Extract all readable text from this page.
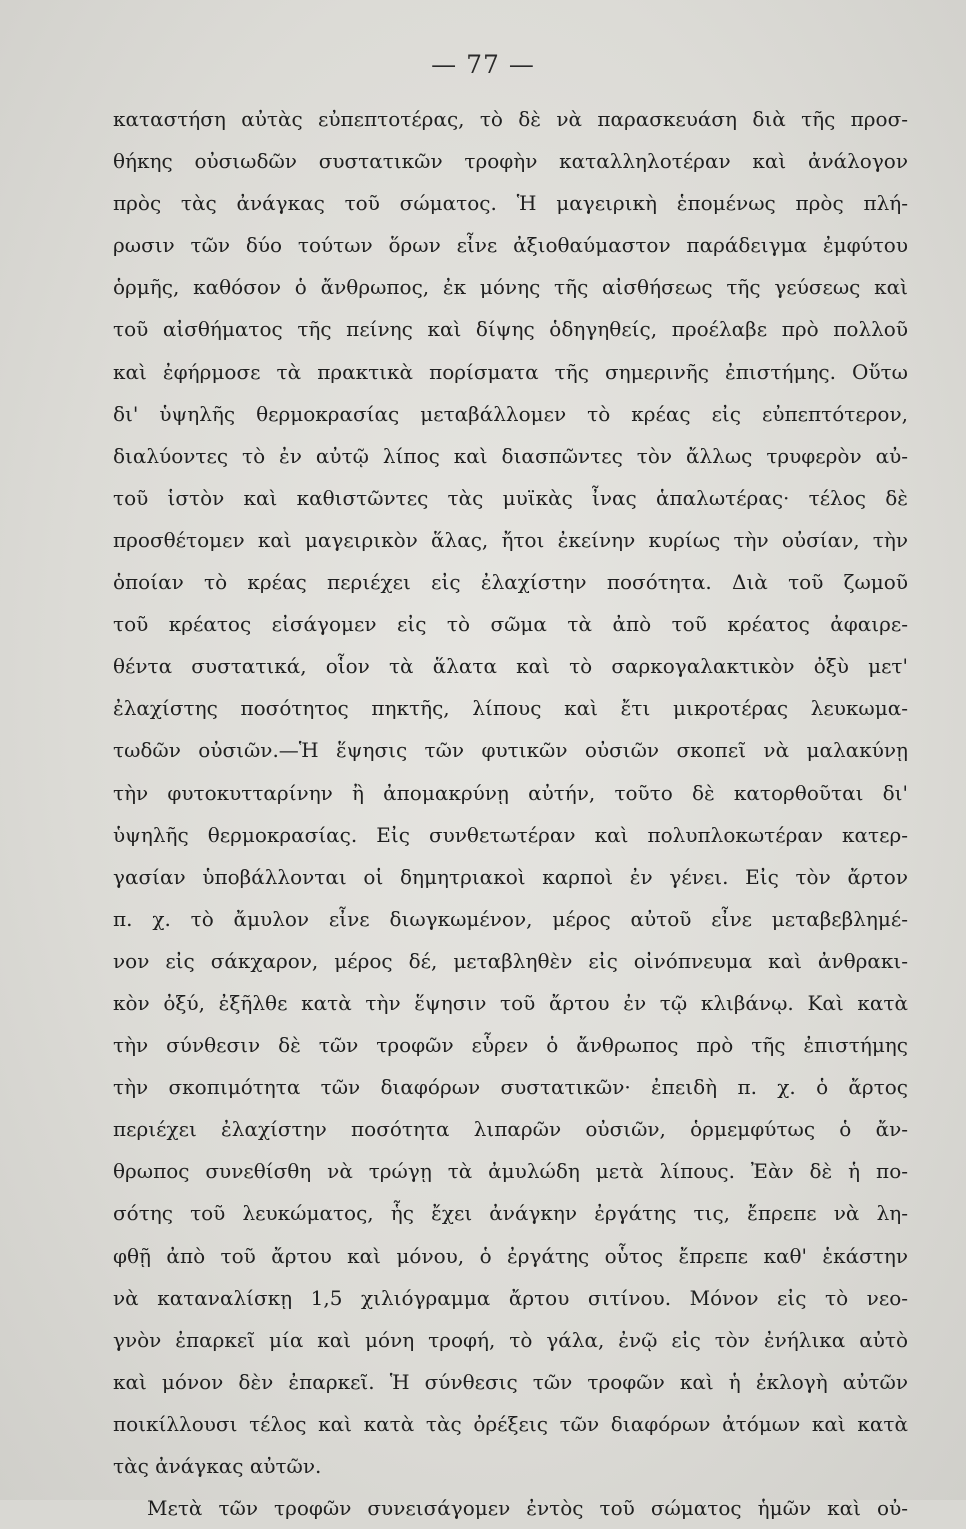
— 77 —
καταστήση αὐτὰς εὐπεπτοτέρας, τὸ δὲ νὰ παρασκευάση διὰ τῆς προσ-
θήκης οὐσιωδῶν συστατικῶν τροφὴν καταλληλοτέραν καὶ ἀνάλογον
πρὸς τὰς ἀνάγκας τοῦ σώματος. Ἡ μαγειρικὴ ἑπομένως πρὸς πλή-
ρωσιν τῶν δύο τούτων ὅρων εἶνε ἀξιοθαύμαστον παράδειγμα ἐμφύτου
ὁρμῆς, καθόσον ὁ ἄνθρωπος, ἐκ μόνης τῆς αἰσθήσεως τῆς γεύσεως καὶ
τοῦ αἰσθήματος τῆς πείνης καὶ δίψης ὁδηγηθείς, προέλαβε πρὸ πολλοῦ
καὶ ἐφήρμοσε τὰ πρακτικὰ πορίσματα τῆς σημερινῆς ἐπιστήμης. Οὕτω
δι' ὑψηλῆς θερμοκρασίας μεταβάλλομεν τὸ κρέας εἰς εὐπεπτότερον,
διαλύοντες τὸ ἐν αὐτῷ λίπος καὶ διασπῶντες τὸν ἄλλως τρυφερὸν αὐ-
τοῦ ἱστὸν καὶ καθιστῶντες τὰς μυϊκὰς ἶνας ἁπαλωτέρας· τέλος δὲ
προσθέτομεν καὶ μαγειρικὸν ἅλας, ἤτοι ἐκείνην κυρίως τὴν οὐσίαν, τὴν
ὁποίαν τὸ κρέας περιέχει εἰς ἐλαχίστην ποσότητα. Διὰ τοῦ ζωμοῦ
τοῦ κρέατος εἰσάγομεν εἰς τὸ σῶμα τὰ ἀπὸ τοῦ κρέατος ἀφαιρε-
θέντα συστατικά, οἷον τὰ ἅλατα καὶ τὸ σαρκογαλακτικὸν ὀξὺ μετ'
ἐλαχίστης ποσότητος πηκτῆς, λίπους καὶ ἔτι μικροτέρας λευκωμα-
τωδῶν οὐσιῶν.—Ἡ ἕψησις τῶν φυτικῶν οὐσιῶν σκοπεῖ νὰ μαλακύνῃ
τὴν φυτοκυτταρίνην ἢ ἀπομακρύνῃ αὐτήν, τοῦτο δὲ κατορθοῦται δι'
ὑψηλῆς θερμοκρασίας. Εἰς συνθετωτέραν καὶ πολυπλοκωτέραν κατερ-
γασίαν ὑποβάλλονται οἱ δημητριακοὶ καρποὶ ἐν γένει. Εἰς τὸν ἄρτον
π. χ. τὸ ἄμυλον εἶνε διωγκωμένον, μέρος αὐτοῦ εἶνε μεταβεβλημέ-
νον εἰς σάκχαρον, μέρος δέ, μεταβληθὲν εἰς οἰνόπνευμα καὶ ἀνθρακι-
κὸν ὀξύ, ἐξῆλθε κατὰ τὴν ἕψησιν τοῦ ἄρτου ἐν τῷ κλιβάνῳ. Καὶ κατὰ
τὴν σύνθεσιν δὲ τῶν τροφῶν εὗρεν ὁ ἄνθρωπος πρὸ τῆς ἐπιστήμης
τὴν σκοπιμότητα τῶν διαφόρων συστατικῶν· ἐπειδὴ π. χ. ὁ ἄρτος
περιέχει ἐλαχίστην ποσότητα λιπαρῶν οὐσιῶν, ὁρμεμφύτως ὁ ἄν-
θρωπος συνεθίσθη νὰ τρώγῃ τὰ ἀμυλώδη μετὰ λίπους. Ἐὰν δὲ ἡ πο-
σότης τοῦ λευκώματος, ἧς ἔχει ἀνάγκην ἐργάτης τις, ἔπρεπε νὰ λη-
φθῇ ἀπὸ τοῦ ἄρτου καὶ μόνου, ὁ ἐργάτης οὗτος ἔπρεπε καθ' ἑκάστην
νὰ καταναλίσκῃ 1,5 χιλιόγραμμα ἄρτου σιτίνου. Μόνον εἰς τὸ νεο-
γνὸν ἐπαρκεῖ μία καὶ μόνη τροφή, τὸ γάλα, ἐνῷ εἰς τὸν ἐνήλικα αὐτὸ
καὶ μόνον δὲν ἐπαρκεῖ. Ἡ σύνθεσις τῶν τροφῶν καὶ ἡ ἐκλογὴ αὐτῶν
ποικίλλουσι τέλος καὶ κατὰ τὰς ὀρέξεις τῶν διαφόρων ἀτόμων καὶ κατὰ
τὰς ἀνάγκας αὐτῶν.
Μετὰ τῶν τροφῶν συνεισάγομεν ἐντὸς τοῦ σώματος ἡμῶν καὶ οὐ-
